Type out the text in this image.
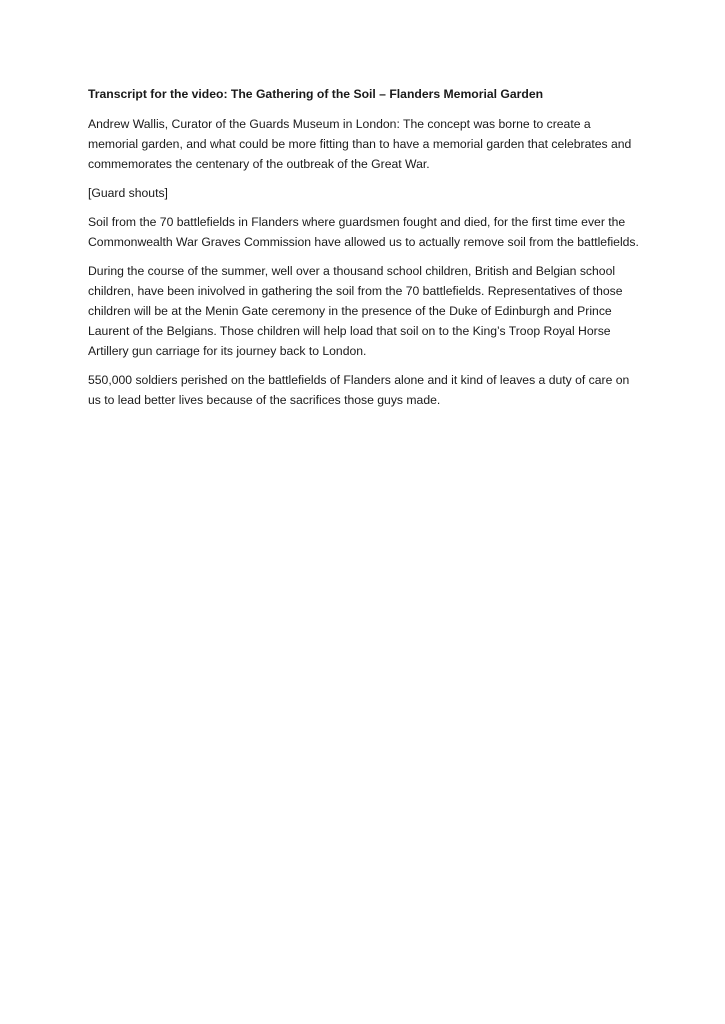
Transcript for the video: The Gathering of the Soil – Flanders Memorial Garden

Andrew Wallis, Curator of the Guards Museum in London: The concept was borne to create a memorial garden, and what could be more fitting than to have a memorial garden that celebrates and commemorates the centenary of the outbreak of the Great War.

[Guard shouts]

Soil from the 70 battlefields in Flanders where guardsmen fought and died, for the first time ever the Commonwealth War Graves Commission have allowed us to actually remove soil from the battlefields.

During the course of the summer, well over a thousand school children, British and Belgian school children, have been inivolved in gathering the soil from the 70 battlefields. Representatives of those children will be at the Menin Gate ceremony in the presence of the Duke of Edinburgh and Prince Laurent of the Belgians. Those children will help load that soil on to the King’s Troop Royal Horse Artillery gun carriage for its journey back to London.

550,000 soldiers perished on the battlefields of Flanders alone and it kind of leaves a duty of care on us to lead better lives because of the sacrifices those guys made.
